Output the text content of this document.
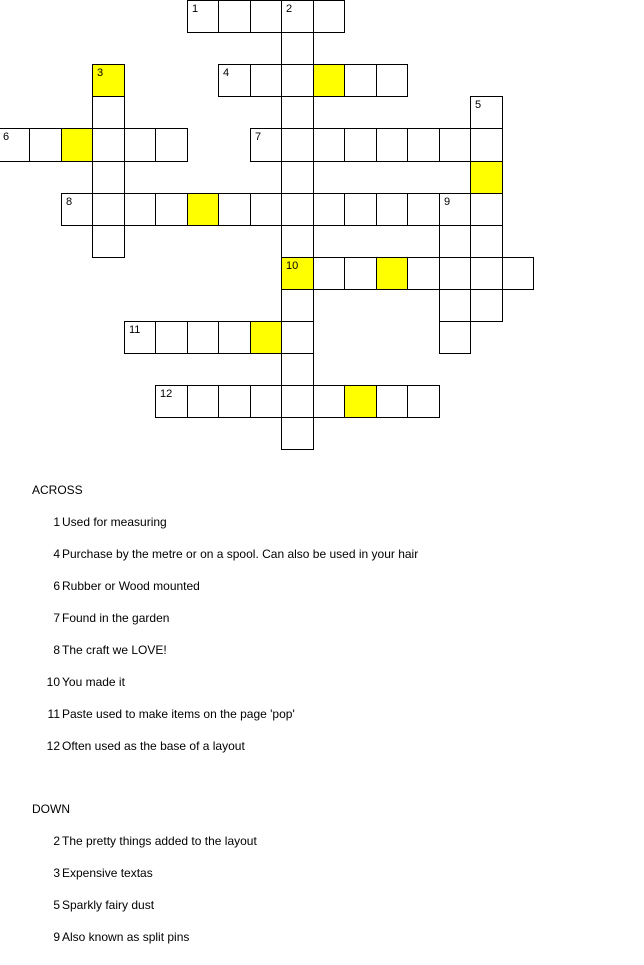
1	2
3	4
5
6	7
8	9
10
11
12
ACROSS
1 Used for measuring
4 Purchase by the metre or on a spool. Can also be used in your hair
6 Rubber or Wood mounted
7 Found in the garden
8 The craft we LOVE!
10 You made it
11 Paste used to make items on the page 'pop'
12 Often used as the base of a layout
DOWN
2 The pretty things added to the layout
3 Expensive textas
5 Sparkly fairy dust
9 Also known as split pins
